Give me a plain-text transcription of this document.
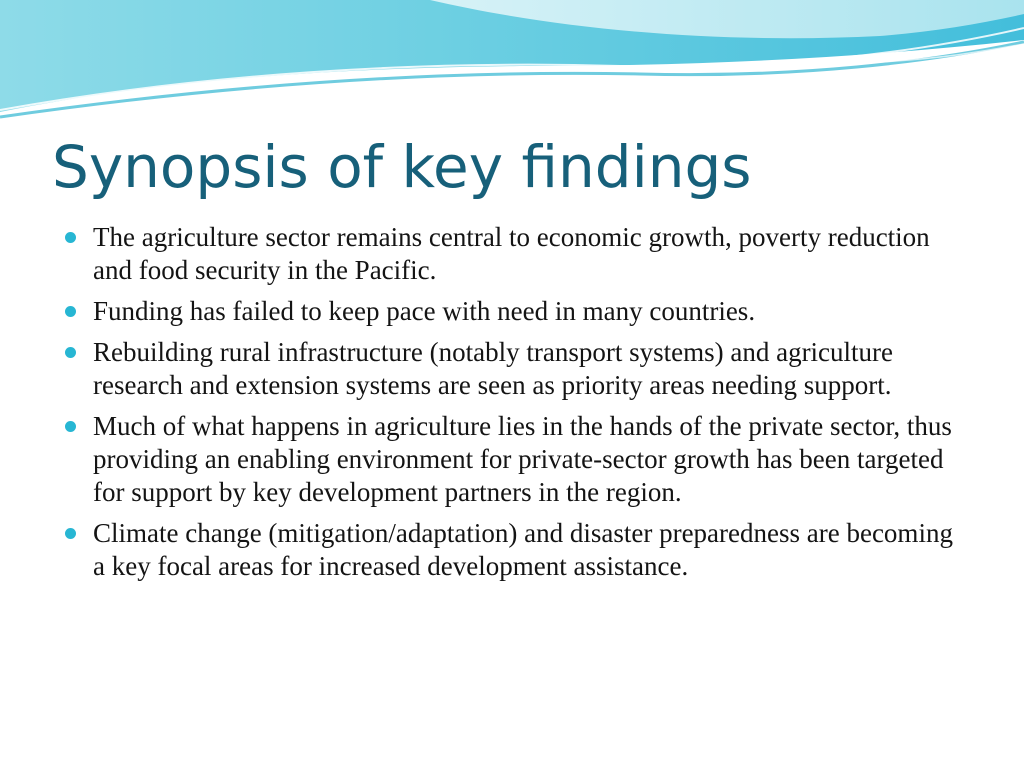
Synopsis of key findings
The agriculture sector remains central to economic growth, poverty reduction and food security in the Pacific.
Funding has failed to keep pace with need in many countries.
Rebuilding rural infrastructure (notably transport systems) and agriculture research and extension systems are seen as priority areas needing support.
Much of what happens in agriculture lies in the hands of the private sector, thus providing an enabling environment for private-sector growth has been targeted for support by key development partners in the region.
Climate change (mitigation/adaptation) and disaster preparedness are becoming a key focal areas for increased development assistance.
